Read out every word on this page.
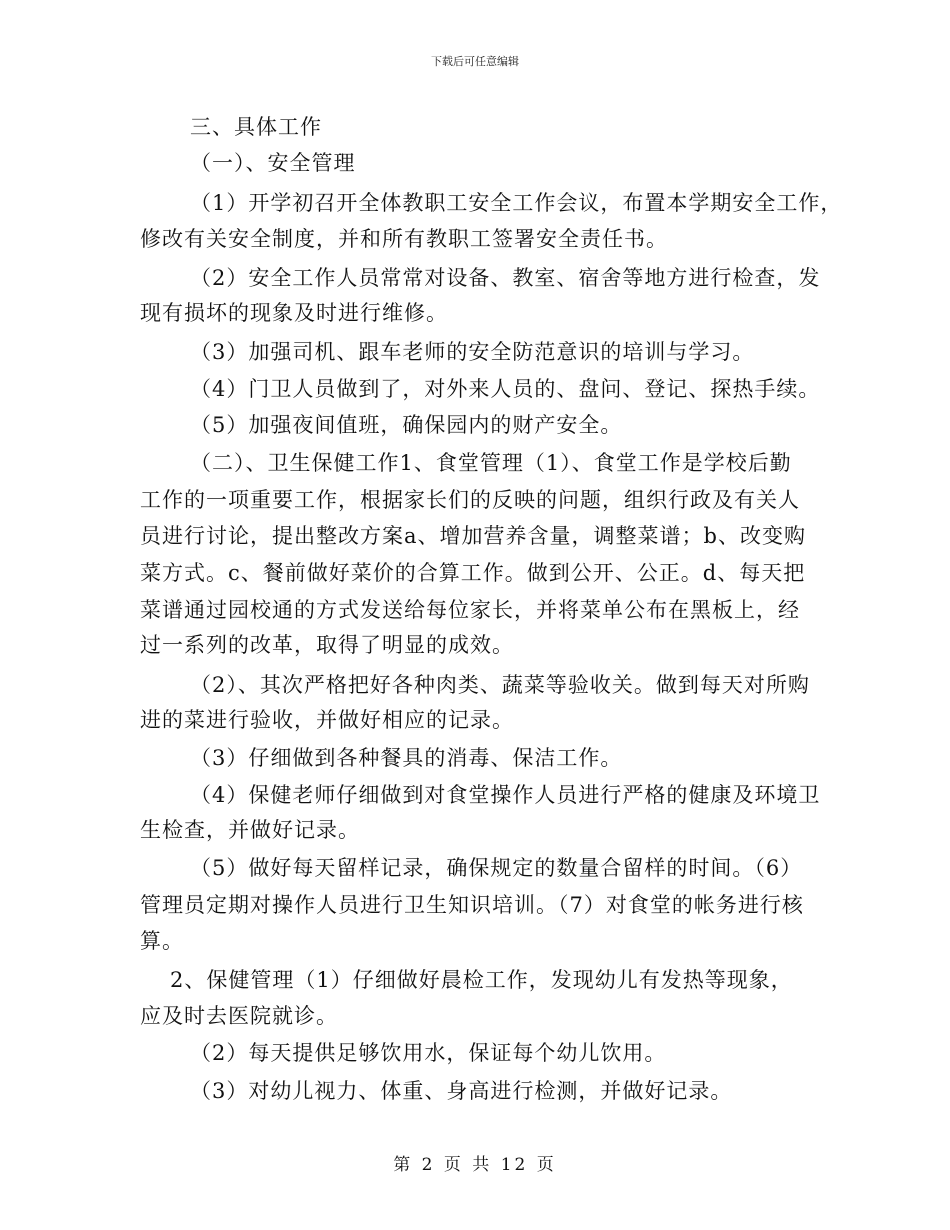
下载后可任意编辑
三、具体工作
（一）、安全管理
（1）开学初召开全体教职工安全工作会议，布置本学期安全工作，
修改有关安全制度，并和所有教职工签署安全责任书。
（2）安全工作人员常常对设备、教室、宿舍等地方进行检查，发
现有损坏的现象及时进行维修。
（3）加强司机、跟车老师的安全防范意识的培训与学习。
（4）门卫人员做到了，对外来人员的、盘问、登记、探热手续。
（5）加强夜间值班，确保园内的财产安全。
（二）、卫生保健工作1、食堂管理（1）、食堂工作是学校后勤
工作的一项重要工作，根据家长们的反映的问题，组织行政及有关人
员进行讨论，提出整改方案a、增加营养含量，调整菜谱；b、改变购
菜方式。c、餐前做好菜价的合算工作。做到公开、公正。d、每天把
菜谱通过园校通的方式发送给每位家长，并将菜单公布在黑板上，经
过一系列的改革，取得了明显的成效。
（2）、其次严格把好各种肉类、蔬菜等验收关。做到每天对所购
进的菜进行验收，并做好相应的记录。
（3）仔细做到各种餐具的消毒、保洁工作。
（4）保健老师仔细做到对食堂操作人员进行严格的健康及环境卫
生检查，并做好记录。
（5）做好每天留样记录，确保规定的数量合留样的时间。（6）
管理员定期对操作人员进行卫生知识培训。（7）对食堂的帐务进行核
算。
2、保健管理（1）仔细做好晨检工作，发现幼儿有发热等现象，
应及时去医院就诊。
（2）每天提供足够饮用水，保证每个幼儿饮用。
（3）对幼儿视力、体重、身高进行检测，并做好记录。
第 2 页 共 12 页
